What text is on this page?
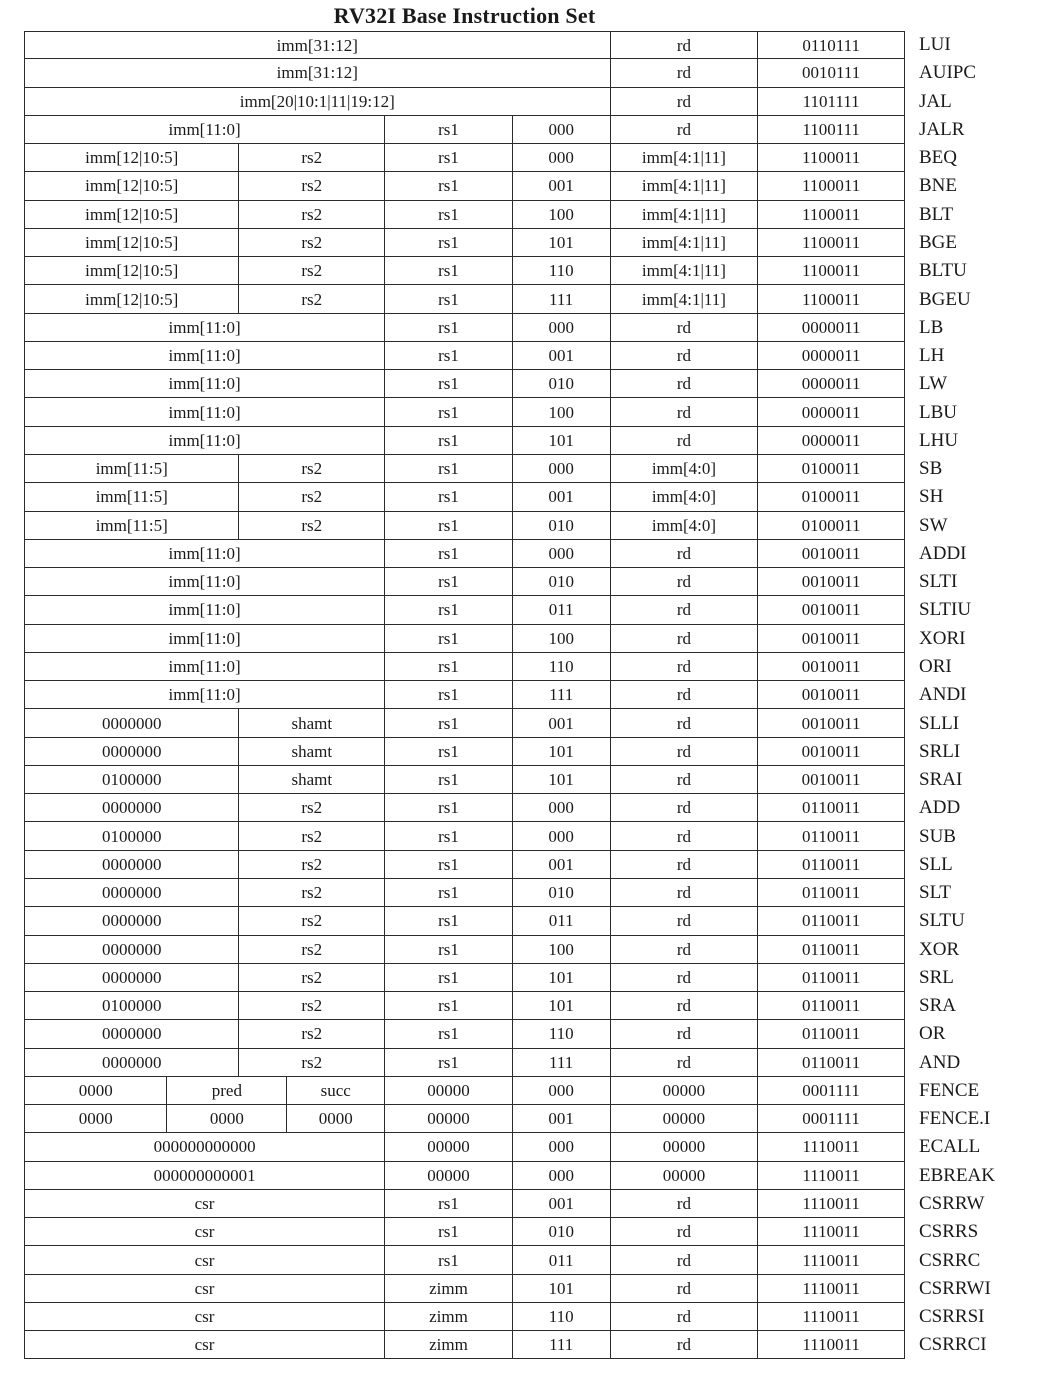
RV32I Base Instruction Set
imm[31:12]	rd	0110111	LUI
imm[31:12]	rd	0010111	AUIPC
imm[20|10:1|11|19:12]	rd	1101111	JAL
imm[11:0]	rs1	000	rd	1100111	JALR
imm[12|10:5]	rs2	rs1	000	imm[4:1|11]	1100011	BEQ
imm[12|10:5]	rs2	rs1	001	imm[4:1|11]	1100011	BNE
imm[12|10:5]	rs2	rs1	100	imm[4:1|11]	1100011	BLT
imm[12|10:5]	rs2	rs1	101	imm[4:1|11]	1100011	BGE
imm[12|10:5]	rs2	rs1	110	imm[4:1|11]	1100011	BLTU
imm[12|10:5]	rs2	rs1	111	imm[4:1|11]	1100011	BGEU
imm[11:0]	rs1	000	rd	0000011	LB
imm[11:0]	rs1	001	rd	0000011	LH
imm[11:0]	rs1	010	rd	0000011	LW
imm[11:0]	rs1	100	rd	0000011	LBU
imm[11:0]	rs1	101	rd	0000011	LHU
imm[11:5]	rs2	rs1	000	imm[4:0]	0100011	SB
imm[11:5]	rs2	rs1	001	imm[4:0]	0100011	SH
imm[11:5]	rs2	rs1	010	imm[4:0]	0100011	SW
imm[11:0]	rs1	000	rd	0010011	ADDI
imm[11:0]	rs1	010	rd	0010011	SLTI
imm[11:0]	rs1	011	rd	0010011	SLTIU
imm[11:0]	rs1	100	rd	0010011	XORI
imm[11:0]	rs1	110	rd	0010011	ORI
imm[11:0]	rs1	111	rd	0010011	ANDI
0000000	shamt	rs1	001	rd	0010011	SLLI
0000000	shamt	rs1	101	rd	0010011	SRLI
0100000	shamt	rs1	101	rd	0010011	SRAI
0000000	rs2	rs1	000	rd	0110011	ADD
0100000	rs2	rs1	000	rd	0110011	SUB
0000000	rs2	rs1	001	rd	0110011	SLL
0000000	rs2	rs1	010	rd	0110011	SLT
0000000	rs2	rs1	011	rd	0110011	SLTU
0000000	rs2	rs1	100	rd	0110011	XOR
0000000	rs2	rs1	101	rd	0110011	SRL
0100000	rs2	rs1	101	rd	0110011	SRA
0000000	rs2	rs1	110	rd	0110011	OR
0000000	rs2	rs1	111	rd	0110011	AND
0000	pred	succ	00000	000	00000	0001111	FENCE
0000	0000	0000	00000	001	00000	0001111	FENCE.I
000000000000	00000	000	00000	1110011	ECALL
000000000001	00000	000	00000	1110011	EBREAK
csr	rs1	001	rd	1110011	CSRRW
csr	rs1	010	rd	1110011	CSRRS
csr	rs1	011	rd	1110011	CSRRC
csr	zimm	101	rd	1110011	CSRRWI
csr	zimm	110	rd	1110011	CSRRSI
csr	zimm	111	rd	1110011	CSRRCI
